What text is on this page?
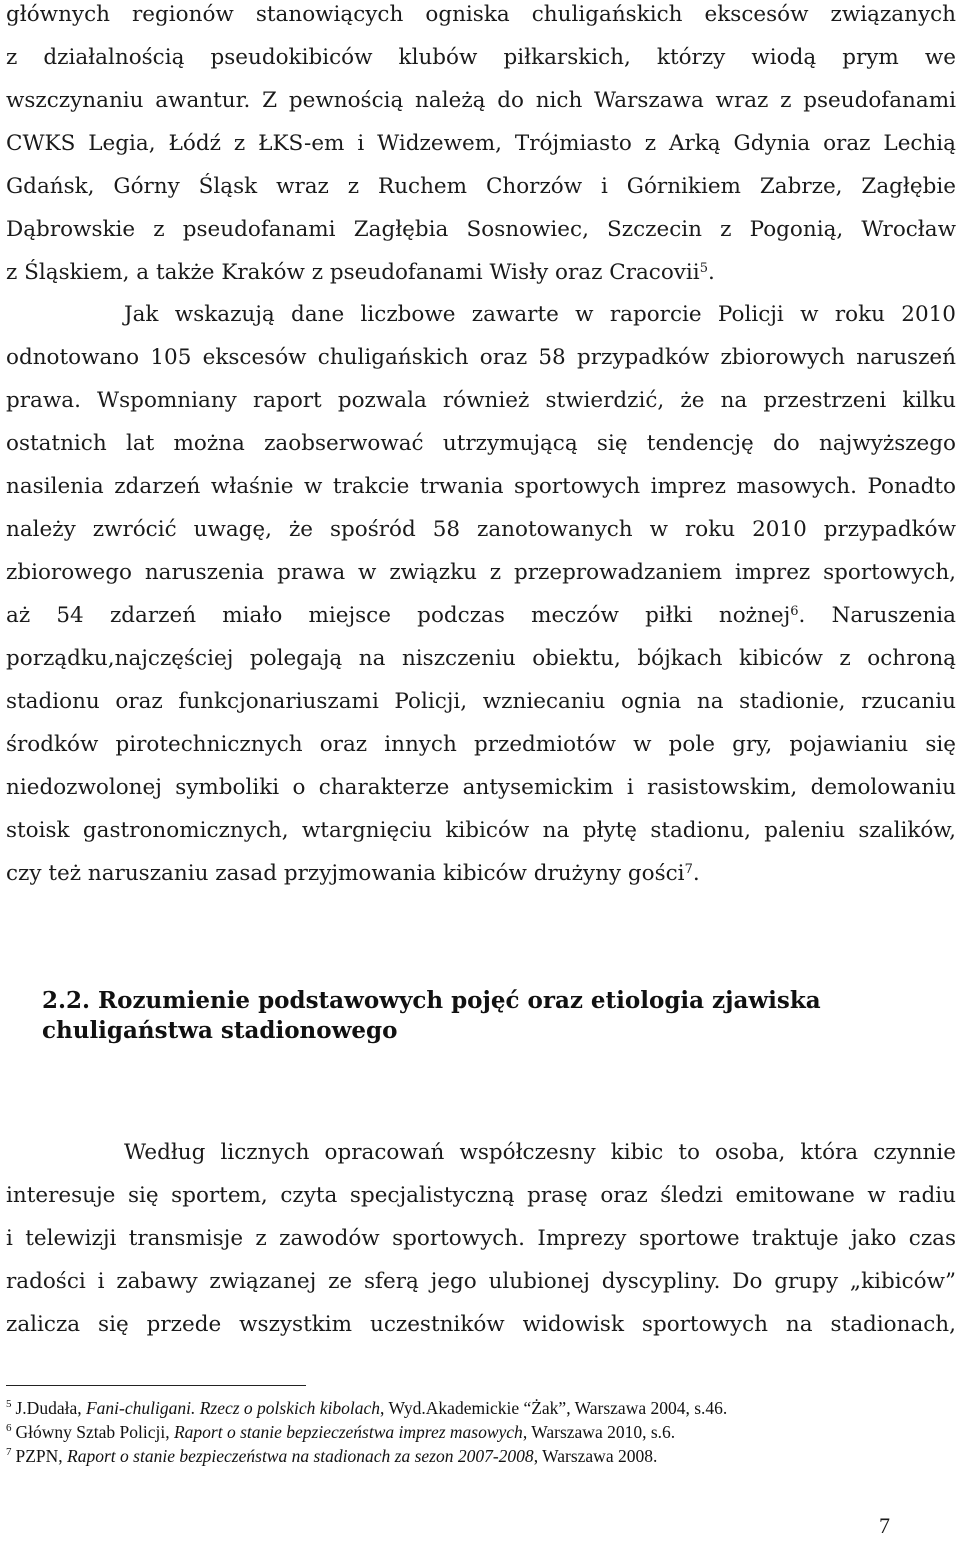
głównych regionów stanowiących ogniska chuligańskich ekscesów związanych
z działalnością pseudokibiców klubów piłkarskich, którzy wiodą prym we
wszczynaniu awantur. Z pewnością należą do nich Warszawa wraz z pseudofanami
CWKS Legia, Łódź z ŁKS-em i Widzewem, Trójmiasto z Arką Gdynia oraz Lechią
Gdańsk, Górny Śląsk wraz z Ruchem Chorzów i Górnikiem Zabrze, Zagłębie
Dąbrowskie z pseudofanami Zagłębia Sosnowiec, Szczecin z Pogonią, Wrocław
z Śląskiem, a także Kraków z pseudofanami Wisły oraz Cracovii$^5$.
Jak wskazują dane liczbowe zawarte w raporcie Policji w roku 2010
odnotowano 105 ekscesów chuligańskich oraz 58 przypadków zbiorowych naruszeń
prawa. Wspomniany raport pozwala również stwierdzić, że na przestrzeni kilku
ostatnich lat można zaobserwować utrzymującą się tendencję do najwyższego
nasilenia zdarzeń właśnie w trakcie trwania sportowych imprez masowych. Ponadto
należy zwrócić uwagę, że spośród 58 zanotowanych w roku 2010 przypadków
zbiorowego naruszenia prawa w związku z przeprowadzaniem imprez sportowych,
aż 54 zdarzeń miało miejsce podczas meczów piłki nożnej$^6$. Naruszenia
porządku,najczęściej polegają na niszczeniu obiektu, bójkach kibiców z ochroną
stadionu oraz funkcjonariuszami Policji, wzniecaniu ognia na stadionie, rzucaniu
środków pirotechnicznych oraz innych przedmiotów w pole gry, pojawianiu się
niedozwolonej symboliki o charakterze antysemickim i rasistowskim, demolowaniu
stoisk gastronomicznych, wtargnięciu kibiców na płytę stadionu, paleniu szalików,
czy też naruszaniu zasad przyjmowania kibiców drużyny gości$^7$.
2.2. Rozumienie podstawowych pojęć oraz etiologia zjawiska
chuligaństwa stadionowego
Według licznych opracowań współczesny kibic to osoba, która czynnie
interesuje się sportem, czyta specjalistyczną prasę oraz śledzi emitowane w radiu
i telewizji transmisje z zawodów sportowych. Imprezy sportowe traktuje jako czas
radości i zabawy związanej ze sferą jego ulubionej dyscypliny. Do grupy „kibiców”
zalicza się przede wszystkim uczestników widowisk sportowych na stadionach,
$^5$ J.Dudała, Fani-chuligani. Rzecz o polskich kibolach, Wyd.Akademickie “Żak”, Warszawa 2004, s.46.
$^6$ Główny Sztab Policji, Raport o stanie bepzieczeństwa imprez masowych, Warszawa 2010, s.6.
$^7$ PZPN, Raport o stanie bezpieczeństwa na stadionach za sezon 2007-2008, Warszawa 2008.
7
